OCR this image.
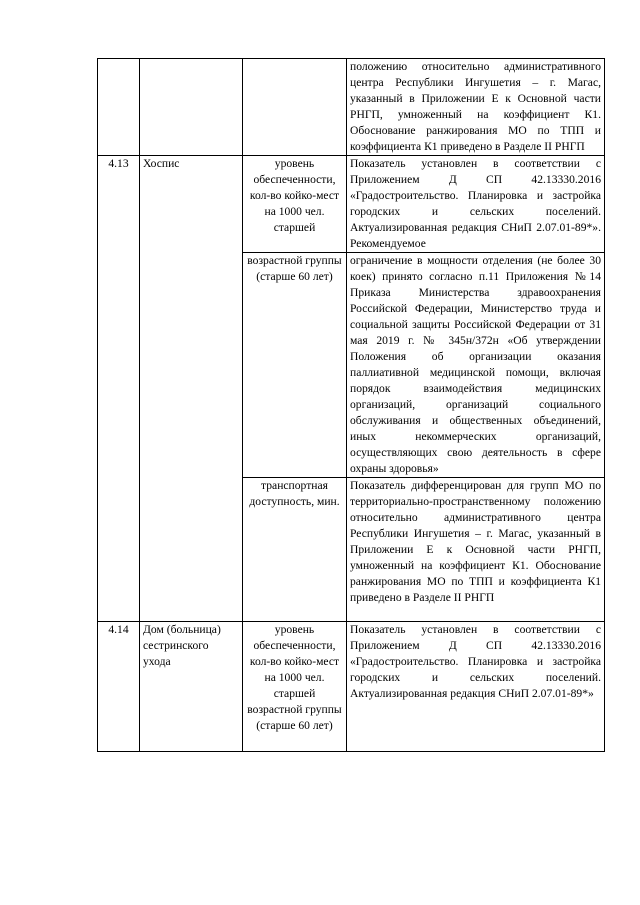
			положению относительно административного центра Республики Ингушетия – г. Магас, указанный в Приложении Е к Основной части РНГП, умноженный на коэффициент К1. Обоснование ранжирования МО по ТПП и коэффициента К1 приведено в Разделе II РНГП
4.13	Хоспис	уровень обеспеченности, кол-во койко-мест на 1000 чел. старшей	Показатель установлен в соответствии с Приложением Д СП 42.13330.2016 «Градостроительство. Планировка и застройка городских и сельских поселений. Актуализированная редакция СНиП 2.07.01-89*». Рекомендуемое
		возрастной группы (старше 60 лет)	ограничение в мощности отделения (не более 30 коек) принято согласно п.11 Приложения №14 Приказа Министерства здравоохранения Российской Федерации, Министерство труда и социальной защиты Российской Федерации от 31 мая 2019 г. № 345н/372н «Об утверждении Положения об организации оказания паллиативной медицинской помощи, включая порядок взаимодействия медицинских организаций, организаций социального обслуживания и общественных объединений, иных некоммерческих организаций, осуществляющих свою деятельность в сфере охраны здоровья»
		транспортная доступность, мин.	Показатель дифференцирован для групп МО по территориально-пространственному положению относительно административного центра Республики Ингушетия – г. Магас, указанный в Приложении Е к Основной части РНГП, умноженный на коэффициент К1. Обоснование ранжирования МО по ТПП и коэффициента К1 приведено в Разделе II РНГП
4.14	Дом (больница) сестринского ухода	уровень обеспеченности, кол-во койко-мест на 1000 чел. старшей возрастной группы (старше 60 лет)	Показатель установлен в соответствии с Приложением Д СП 42.13330.2016 «Градостроительство. Планировка и застройка городских и сельских поселений. Актуализированная редакция СНиП 2.07.01-89*»
